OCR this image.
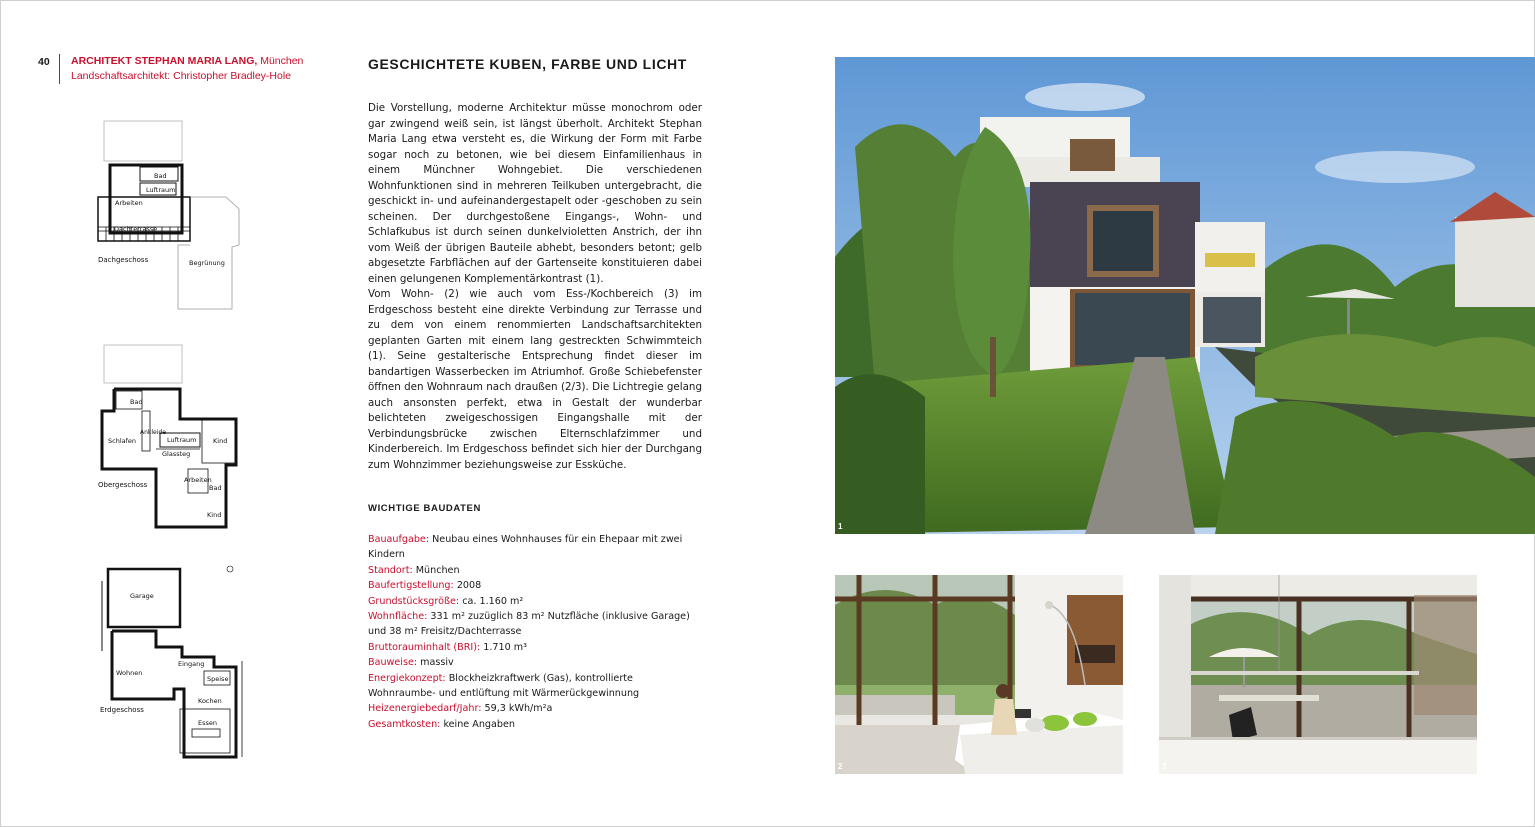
40 ARCHITEKT STEPHAN MARIA LANG, München
Landschaftsarchitekt: Christopher Bradley-Hole
Bad
Luftraum
Arbeiten
Dachterrasse
Begrünung
Dachgeschoss
Bad
Schlafen
Ankleide
Luftraum	Kind
Glassteg
Arbeiten
Bad
Kind
Obergeschoss
Garage
Eingang
Wohnen
Speise
Kochen
Essen
Erdgeschoss
GESCHICHTETE KUBEN, FARBE UND LICHT

Die Vorstellung, moderne Architektur müsse monochrom oder gar zwingend weiß sein, ist längst überholt. Architekt Stephan Maria Lang etwa versteht es, die Wirkung der Form mit Farbe sogar noch zu betonen, wie bei diesem Einfamilienhaus in einem Münchner Wohngebiet. Die verschiedenen Wohnfunktionen sind in mehreren Teilkuben untergebracht, die geschickt in- und aufeinandergestapelt oder -geschoben zu sein scheinen. Der durchgestoßene Eingangs-, Wohn- und Schlafkubus ist durch seinen dunkelvioletten Anstrich, der ihn vom Weiß der übrigen Bauteile abhebt, besonders betont; gelb abgesetzte Farbflächen auf der Gartenseite konstituieren dabei einen gelungenen Komplementärkontrast (1).

Vom Wohn- (2) wie auch vom Ess-/Kochbereich (3) im Erdgeschoss besteht eine direkte Verbindung zur Terrasse und zu dem von einem renommierten Landschaftsarchitekten geplanten Garten mit einem lang gestreckten Schwimmteich (1). Seine gestalterische Entsprechung findet dieser im bandartigen Wasserbecken im Atriumhof. Große Schiebefenster öffnen den Wohnraum nach draußen (2/3). Die Lichtregie gelang auch ansonsten perfekt, etwa in Gestalt der wunderbar belichteten zweigeschossigen Eingangshalle mit der Verbindungsbrücke zwischen Elternschlafzimmer und Kinderbereich. Im Erdgeschoss befindet sich hier der Durchgang zum Wohnzimmer beziehungsweise zur Essküche.

WICHTIGE BAUDATEN
Bauaufgabe: Neubau eines Wohnhauses für ein Ehepaar mit zwei Kindern
Standort: München
Baufertigstellung: 2008
Grundstücksgröße: ca. 1.160 m²
Wohnfläche: 331 m² zuzüglich 83 m² Nutzfläche (inklusive Garage) und 38 m² Freisitz/Dachterrasse
Bruttorauminhalt (BRI): 1.710 m³
Bauweise: massiv
Energiekonzept: Blockheizkraftwerk (Gas), kontrollierte Wohnraumbe- und entlüftung mit Wärmerückgewinnung
Heizenergiebedarf/Jahr: 59,3 kWh/m²a
Gesamtkosten: keine Angaben
1
2	3
